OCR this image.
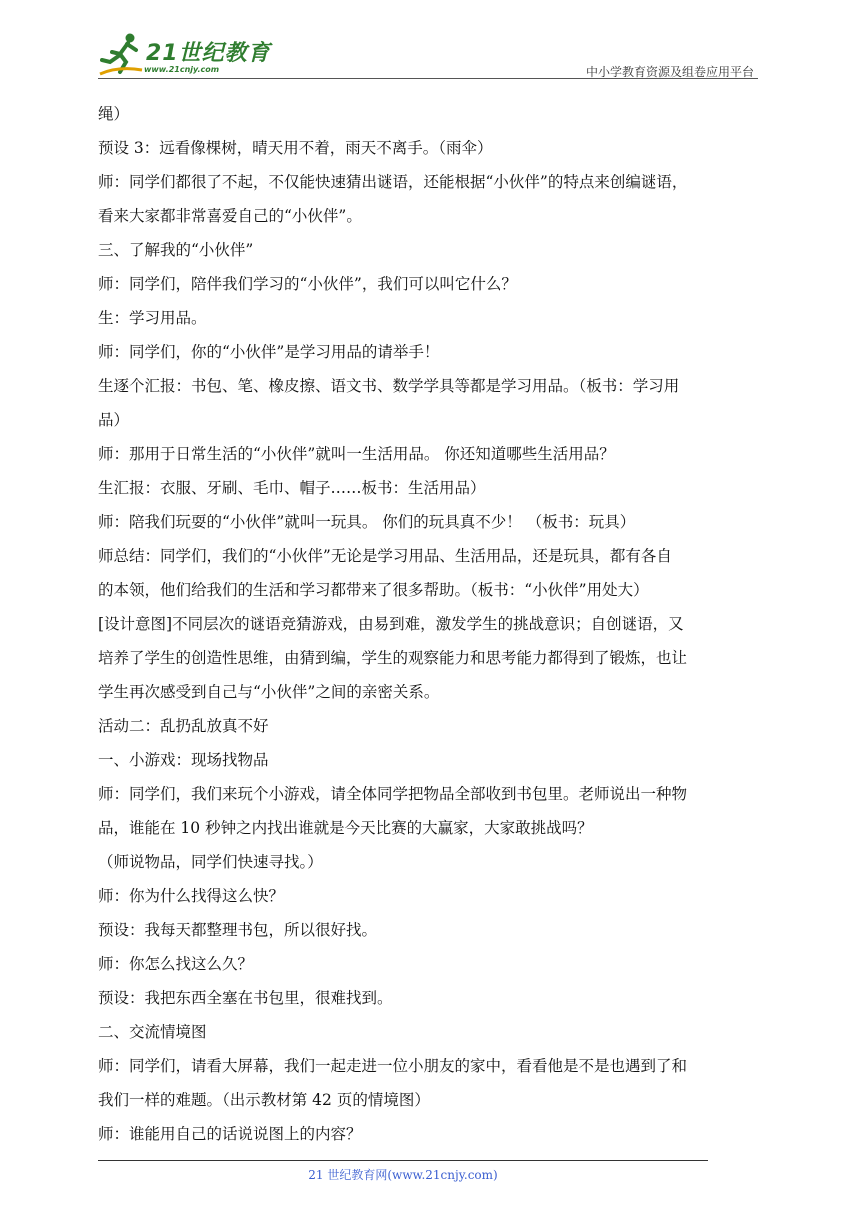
21世纪教育
www.21cnjy.com	中小学教育资源及组卷应用平台

绳）

预设 3：远看像棵树，晴天用不着，雨天不离手。（雨伞）

师：同学们都很了不起，不仅能快速猜出谜语，还能根据“小伙伴”的特点来创编谜语，

看来大家都非常喜爱自己的“小伙伴”。

三、了解我的“小伙伴”

师：同学们，陪伴我们学习的“小伙伴”，我们可以叫它什么？

生：学习用品。

师：同学们，你的“小伙伴”是学习用品的请举手！

生逐个汇报：书包、笔、橡皮擦、语文书、数学学具等都是学习用品。（板书：学习用

品）

师：那用于日常生活的“小伙伴”就叫一生活用品。 你还知道哪些生活用品？

生汇报：衣服、牙刷、毛巾、帽子……板书：生活用品）

师：陪我们玩耍的“小伙伴”就叫一玩具。 你们的玩具真不少！ （板书：玩具）

师总结：同学们，我们的“小伙伴”无论是学习用品、生活用品，还是玩具，都有各自

的本领，他们给我们的生活和学习都带来了很多帮助。（板书：“小伙伴”用处大）

[设计意图]不同层次的谜语竞猜游戏，由易到难，激发学生的挑战意识；自创谜语，又

培养了学生的创造性思维，由猜到编，学生的观察能力和思考能力都得到了锻炼，也让

学生再次感受到自己与“小伙伴”之间的亲密关系。

活动二：乱扔乱放真不好

一、小游戏：现场找物品

师：同学们，我们来玩个小游戏，请全体同学把物品全部收到书包里。老师说出一种物

品，谁能在 10 秒钟之内找出谁就是今天比赛的大赢家，大家敢挑战吗？

（师说物品，同学们快速寻找。）

师：你为什么找得这么快？

预设：我每天都整理书包，所以很好找。

师：你怎么找这么久？

预设：我把东西全塞在书包里，很难找到。

二、交流情境图

师：同学们，请看大屏幕，我们一起走进一位小朋友的家中，看看他是不是也遇到了和

我们一样的难题。（出示教材第 42 页的情境图）

师：谁能用自己的话说说图上的内容？

21 世纪教育网(www.21cnjy.com)
